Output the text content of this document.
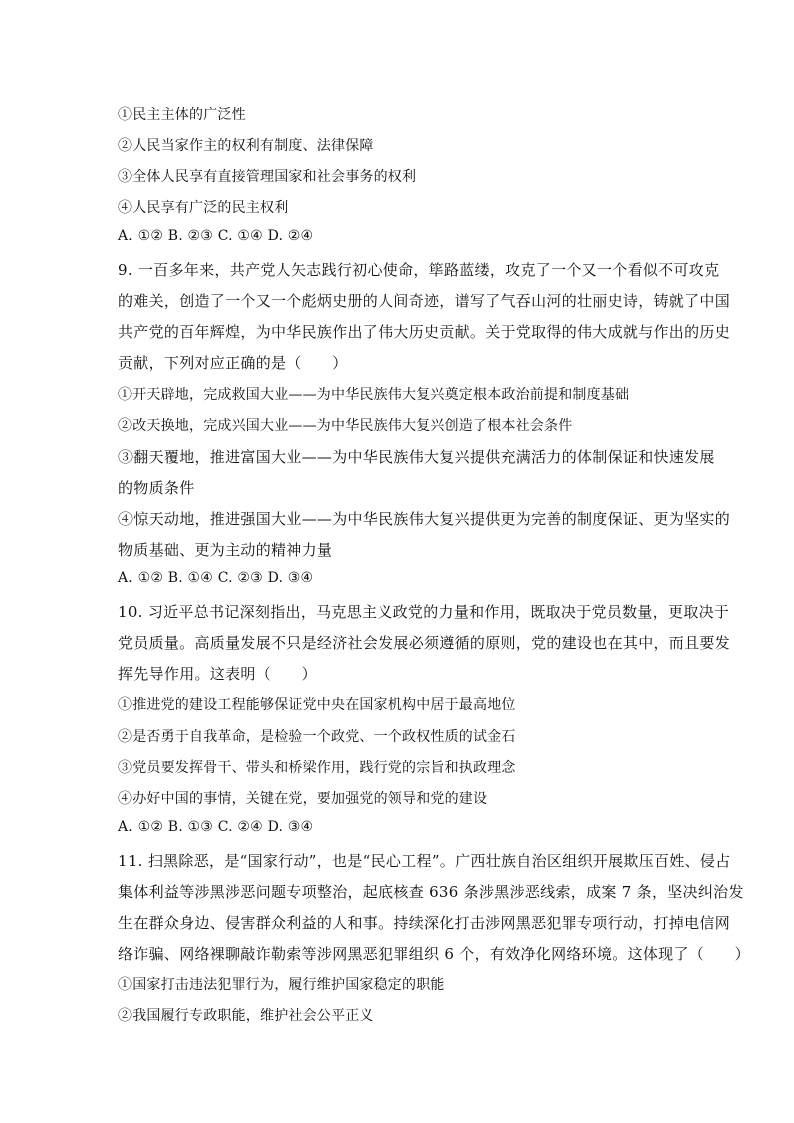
①民主主体的广泛性
②人民当家作主的权利有制度、法律保障
③全体人民享有直接管理国家和社会事务的权利
④人民享有广泛的民主权利
A. ①② B. ②③ C. ①④ D. ②④
9. 一百多年来，共产党人矢志践行初心使命，筚路蓝缕，攻克了一个又一个看似不可攻克
的难关，创造了一个又一个彪炳史册的人间奇迹，谱写了气吞山河的壮丽史诗，铸就了中国
共产党的百年辉煌，为中华民族作出了伟大历史贡献。关于党取得的伟大成就与作出的历史
贡献，下列对应正确的是（　　）
①开天辟地，完成救国大业——为中华民族伟大复兴奠定根本政治前提和制度基础
②改天换地，完成兴国大业——为中华民族伟大复兴创造了根本社会条件
③翻天覆地，推进富国大业——为中华民族伟大复兴提供充满活力的体制保证和快速发展
的物质条件
④惊天动地，推进强国大业——为中华民族伟大复兴提供更为完善的制度保证、更为坚实的
物质基础、更为主动的精神力量
A. ①② B. ①④ C. ②③ D. ③④
10. 习近平总书记深刻指出，马克思主义政党的力量和作用，既取决于党员数量，更取决于
党员质量。高质量发展不只是经济社会发展必须遵循的原则，党的建设也在其中，而且要发
挥先导作用。这表明（　　）
①推进党的建设工程能够保证党中央在国家机构中居于最高地位
②是否勇于自我革命，是检验一个政党、一个政权性质的试金石
③党员要发挥骨干、带头和桥梁作用，践行党的宗旨和执政理念
④办好中国的事情，关键在党，要加强党的领导和党的建设
A. ①② B. ①③ C. ②④ D. ③④
11. 扫黑除恶，是“国家行动”，也是“民心工程”。广西壮族自治区组织开展欺压百姓、侵占
集体利益等涉黑涉恶问题专项整治，起底核查 636 条涉黑涉恶线索，成案 7 条，坚决纠治发
生在群众身边、侵害群众利益的人和事。持续深化打击涉网黑恶犯罪专项行动，打掉电信网
络诈骗、网络裸聊敲诈勒索等涉网黑恶犯罪组织 6 个，有效净化网络环境。这体现了（　　）
①国家打击违法犯罪行为，履行维护国家稳定的职能
②我国履行专政职能，维护社会公平正义
